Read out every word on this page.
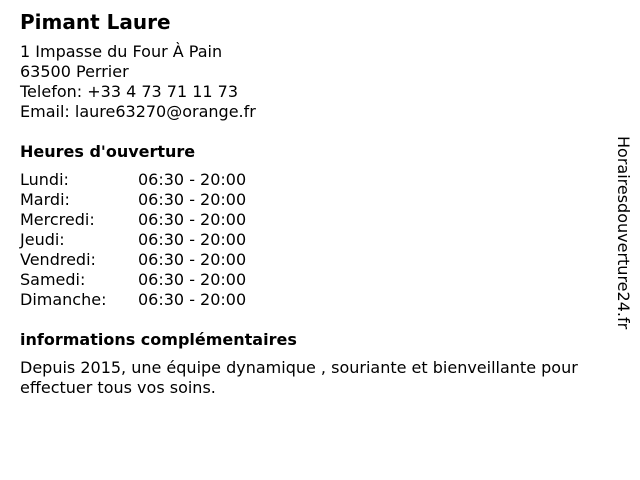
Pimant Laure
1 Impasse du Four À Pain
63500 Perrier
Telefon: +33 4 73 71 11 73
Email: laure63270@orange.fr
Heures d'ouverture
Lundi:	06:30 - 20:00
Mardi:	06:30 - 20:00
Mercredi:	06:30 - 20:00
Jeudi:	06:30 - 20:00
Vendredi:	06:30 - 20:00
Samedi:	06:30 - 20:00
Dimanche:	06:30 - 20:00
informations complémentaires
Depuis 2015, une équipe dynamique , souriante et bienveillante pour effectuer tous vos soins.
Horairesdouverture24.fr
